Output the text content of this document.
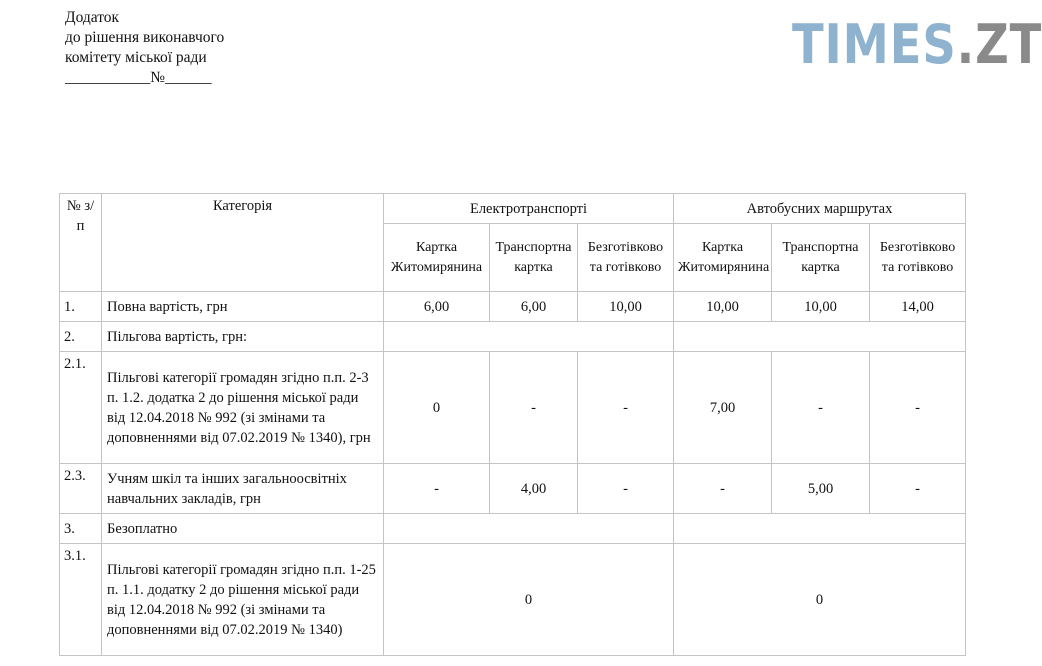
Додаток
до рішення виконавчого
комітету міської ради
___________№______
TIMES.ZT
№ з/п	Категорія	Електротранспорті			Автобусних маршрутах		
		Картка Житомирянина	Транспортна картка	Безготівково та готівково	Картка Житомирянина	Транспортна картка	Безготівково та готівково
1.	Повна вартість, грн	6,00	6,00	10,00	10,00	10,00	14,00
2.	Пільгова вартість, грн:						
2.1.	Пільгові категорії громадян згідно п.п. 2-3 п. 1.2. додатка 2 до рішення міської ради від 12.04.2018 № 992 (зі змінами та доповненнями від 07.02.2019 № 1340), грн	0	-	-	7,00	-	-
2.3.	Учням шкіл та інших загальноосвітніх навчальних закладів, грн	-	4,00	-	-	5,00	-
3.	Безоплатно						
3.1.	Пільгові категорії громадян згідно п.п. 1-25 п. 1.1. додатку 2 до рішення міської ради від 12.04.2018 № 992 (зі змінами та доповненнями від 07.02.2019 № 1340)	0			0		
